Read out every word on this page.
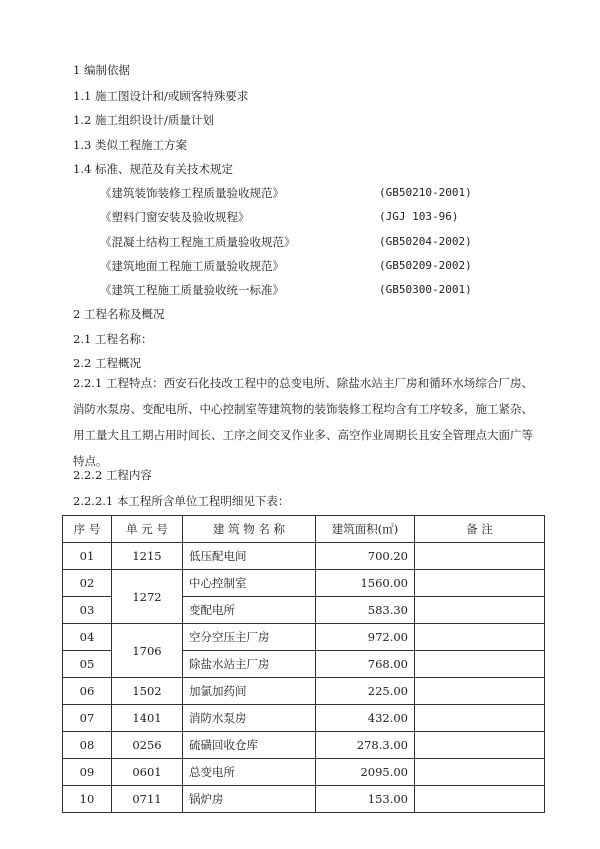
1 编制依据
1.1 施工图设计和/或顾客特殊要求
1.2 施工组织设计/质量计划
1.3 类似工程施工方案
1.4 标准、规范及有关技术规定
《建筑装饰装修工程质量验收规范》	(GB50210-2001)
《塑料门窗安装及验收规程》	(JGJ 103-96)
《混凝土结构工程施工质量验收规范》	(GB50204-2002)
《建筑地面工程施工质量验收规范》	(GB50209-2002)
《建筑工程施工质量验收统一标准》	(GB50300-2001)
2 工程名称及概况
2.1 工程名称：
2.2 工程概况
2.2.1 工程特点：西安石化技改工程中的总变电所、除盐水站主厂房和循环水场综合厂房、消防水泵房、变配电所、中心控制室等建筑物的装饰装修工程均含有工序较多，施工紧杂、用工量大且工期占用时间长、工序之间交叉作业多、高空作业周期长且安全管理点大面广等特点。
2.2.2 工程内容
2.2.2.1 本工程所含单位工程明细见下表：
序 号	单 元 号	建 筑 物 名 称	建筑面积(㎡)	备 注
01	1215	低压配电间	700.20	
02	1272	中心控制室	1560.00	
03		变配电所	583.30	
04	1706	空分空压主厂房	972.00	
05		除盐水站主厂房	768.00	
06	1502	加氯加药间	225.00	
07	1401	消防水泵房	432.00	
08	0256	硫磺回收仓库	278.3.00	
09	0601	总变电所	2095.00	
10	0711	锅炉房	153.00	
